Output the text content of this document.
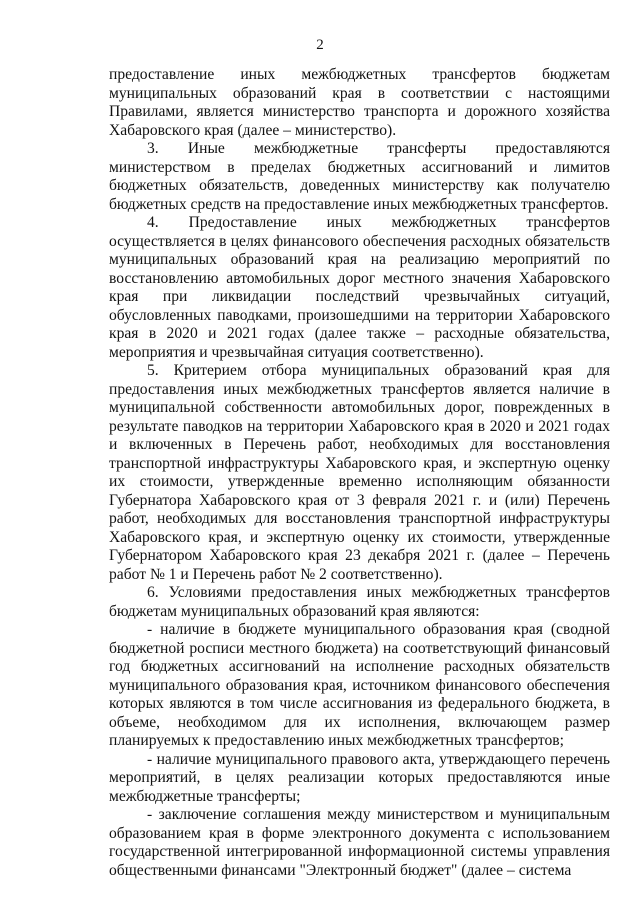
2

предоставление иных межбюджетных трансфертов бюджетам муниципальных образований края в соответствии с настоящими Правилами, является министерство транспорта и дорожного хозяйства Хабаровского края (далее – министерство).

3. Иные межбюджетные трансферты предоставляются министерством в пределах бюджетных ассигнований и лимитов бюджетных обязательств, доведенных министерству как получателю бюджетных средств на предоставление иных межбюджетных трансфертов.

4. Предоставление иных межбюджетных трансфертов осуществляется в целях финансового обеспечения расходных обязательств муниципальных образований края на реализацию мероприятий по восстановлению автомобильных дорог местного значения Хабаровского края при ликвидации последствий чрезвычайных ситуаций, обусловленных паводками, произошедшими на территории Хабаровского края в 2020 и 2021 годах (далее также – расходные обязательства, мероприятия и чрезвычайная ситуация соответственно).

5. Критерием отбора муниципальных образований края для предоставления иных межбюджетных трансфертов является наличие в муниципальной собственности автомобильных дорог, поврежденных в результате паводков на территории Хабаровского края в 2020 и 2021 годах и включенных в Перечень работ, необходимых для восстановления транспортной инфраструктуры Хабаровского края, и экспертную оценку их стоимости, утвержденные временно исполняющим обязанности Губернатора Хабаровского края от 3 февраля 2021 г. и (или) Перечень работ, необходимых для восстановления транспортной инфраструктуры Хабаровского края, и экспертную оценку их стоимости, утвержденные Губернатором Хабаровского края 23 декабря 2021 г. (далее – Перечень работ № 1 и Перечень работ № 2 соответственно).

6. Условиями предоставления иных межбюджетных трансфертов бюджетам муниципальных образований края являются:

- наличие в бюджете муниципального образования края (сводной бюджетной росписи местного бюджета) на соответствующий финансовый год бюджетных ассигнований на исполнение расходных обязательств муниципального образования края, источником финансового обеспечения которых являются в том числе ассигнования из федерального бюджета, в объеме, необходимом для их исполнения, включающем размер планируемых к предоставлению иных межбюджетных трансфертов;

- наличие муниципального правового акта, утверждающего перечень мероприятий, в целях реализации которых предоставляются иные межбюджетные трансферты;

- заключение соглашения между министерством и муниципальным образованием края в форме электронного документа с использованием государственной интегрированной информационной системы управления общественными финансами "Электронный бюджет" (далее – система
